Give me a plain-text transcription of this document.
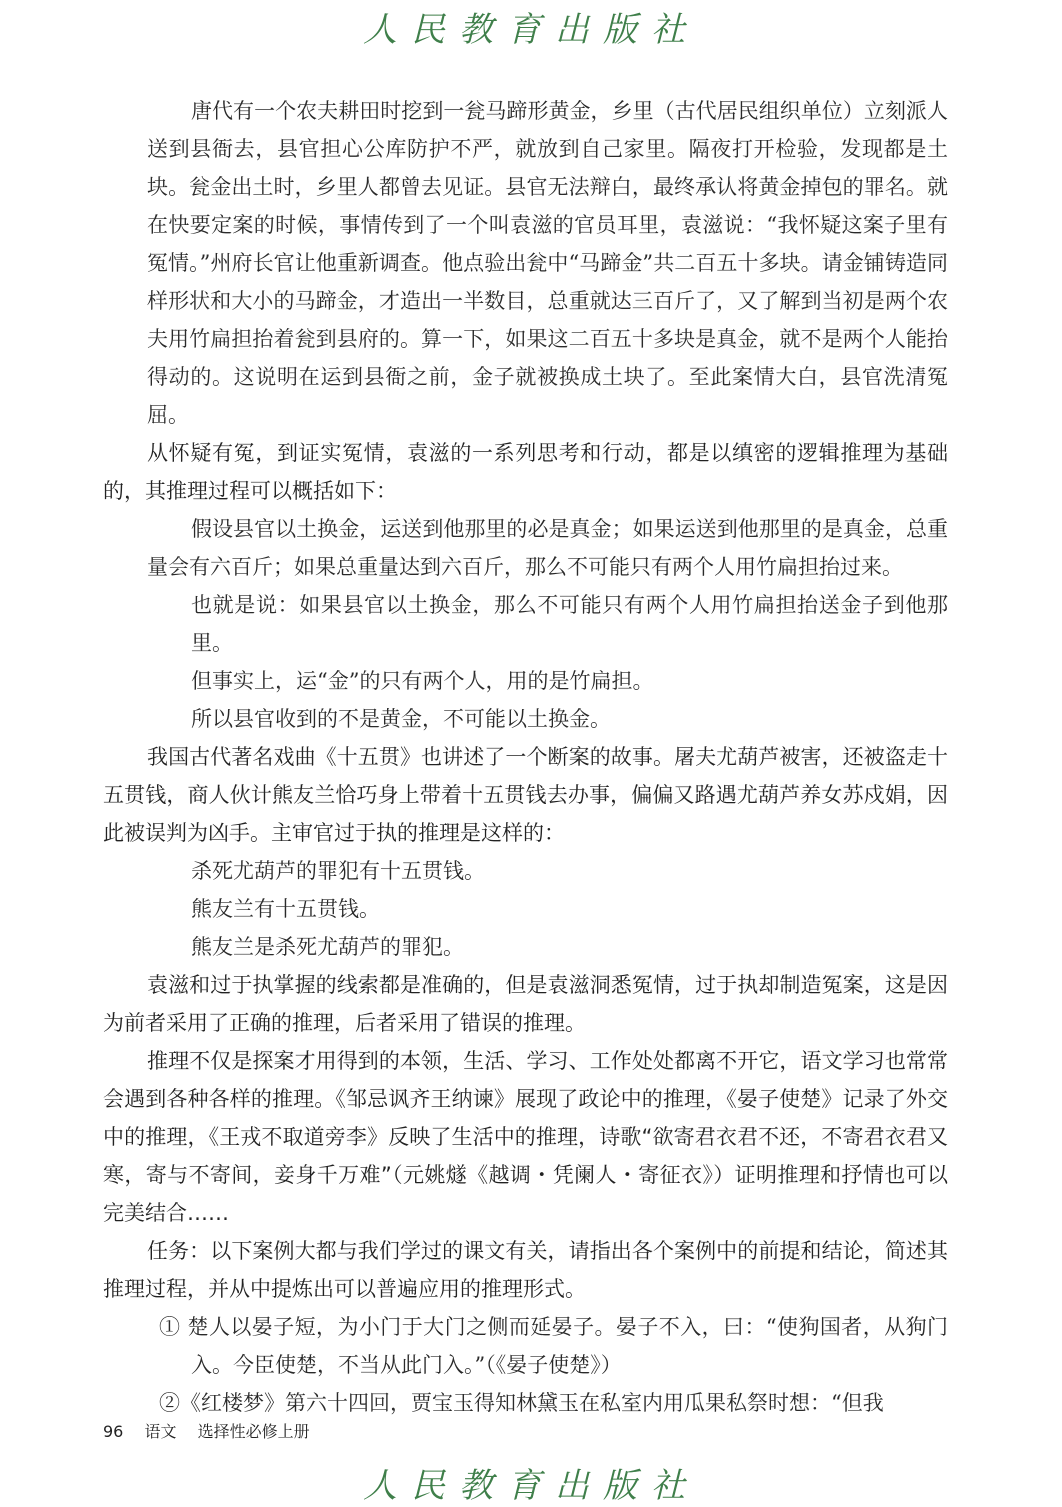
人民教育出版社

唐代有一个农夫耕田时挖到一瓮马蹄形黄金，乡里（古代居民组织单位）立刻派人送到县衙去，县官担心公库防护不严，就放到自己家里。隔夜打开检验，发现都是土块。瓮金出土时，乡里人都曾去见证。县官无法辩白，最终承认将黄金掉包的罪名。就在快要定案的时候，事情传到了一个叫袁滋的官员耳里，袁滋说：“我怀疑这案子里有冤情。”州府长官让他重新调查。他点验出瓮中“马蹄金”共二百五十多块。请金铺铸造同样形状和大小的马蹄金，才造出一半数目，总重就达三百斤了，又了解到当初是两个农夫用竹扁担抬着瓮到县府的。算一下，如果这二百五十多块是真金，就不是两个人能抬得动的。这说明在运到县衙之前，金子就被换成土块了。至此案情大白，县官洗清冤屈。

从怀疑有冤，到证实冤情，袁滋的一系列思考和行动，都是以缜密的逻辑推理为基础的，其推理过程可以概括如下：

假设县官以土换金，运送到他那里的必是真金；如果运送到他那里的是真金，总重量会有六百斤；如果总重量达到六百斤，那么不可能只有两个人用竹扁担抬过来。

也就是说：如果县官以土换金，那么不可能只有两个人用竹扁担抬送金子到他那里。

但事实上，运“金”的只有两个人，用的是竹扁担。

所以县官收到的不是黄金，不可能以土换金。

我国古代著名戏曲《十五贯》也讲述了一个断案的故事。屠夫尤葫芦被害，还被盗走十五贯钱，商人伙计熊友兰恰巧身上带着十五贯钱去办事，偏偏又路遇尤葫芦养女苏戍娟，因此被误判为凶手。主审官过于执的推理是这样的：

杀死尤葫芦的罪犯有十五贯钱。

熊友兰有十五贯钱。

熊友兰是杀死尤葫芦的罪犯。

袁滋和过于执掌握的线索都是准确的，但是袁滋洞悉冤情，过于执却制造冤案，这是因为前者采用了正确的推理，后者采用了错误的推理。

推理不仅是探案才用得到的本领，生活、学习、工作处处都离不开它，语文学习也常常会遇到各种各样的推理。《邹忌讽齐王纳谏》展现了政论中的推理，《晏子使楚》记录了外交中的推理，《王戎不取道旁李》反映了生活中的推理，诗歌“欲寄君衣君不还，不寄君衣君又寒，寄与不寄间，妾身千万难”（元姚燧《越调・凭阑人・寄征衣》）证明推理和抒情也可以完美结合……

任务：以下案例大都与我们学过的课文有关，请指出各个案例中的前提和结论，简述其推理过程，并从中提炼出可以普遍应用的推理形式。

① 楚人以晏子短，为小门于大门之侧而延晏子。晏子不入，曰：“使狗国者，从狗门入。今臣使楚，不当从此门入。”（《晏子使楚》）

②《红楼梦》第六十四回，贾宝玉得知林黛玉在私室内用瓜果私祭时想：“但我

96 语文 选择性必修上册
人民教育出版社
